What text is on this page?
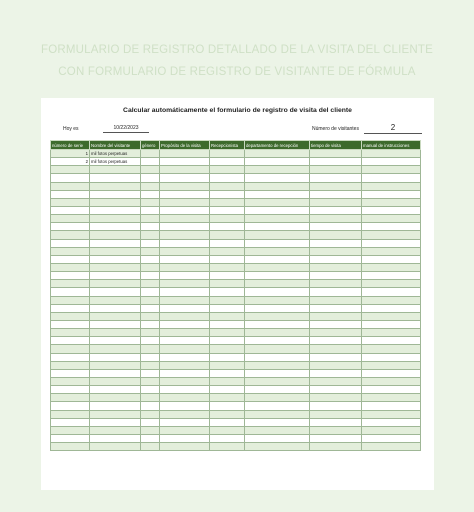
FORMULARIO DE REGISTRO DETALLADO DE LA VISITA DEL CLIENTE
CON FORMULARIO DE REGISTRO DE VISITANTE DE FÓRMULA
Calcular automáticamente el formulario de registro de visita del cliente
Hoy es	10/22/2023	Número de visitantes	2
número de serie	Nombre del visitante	género	Propósito de la visita	Recepcionista	departamento de recepción	tiempo de visita	manual de instrucciones
1	mil fotos perpetuas						
2	mil fotos perpetuas						
